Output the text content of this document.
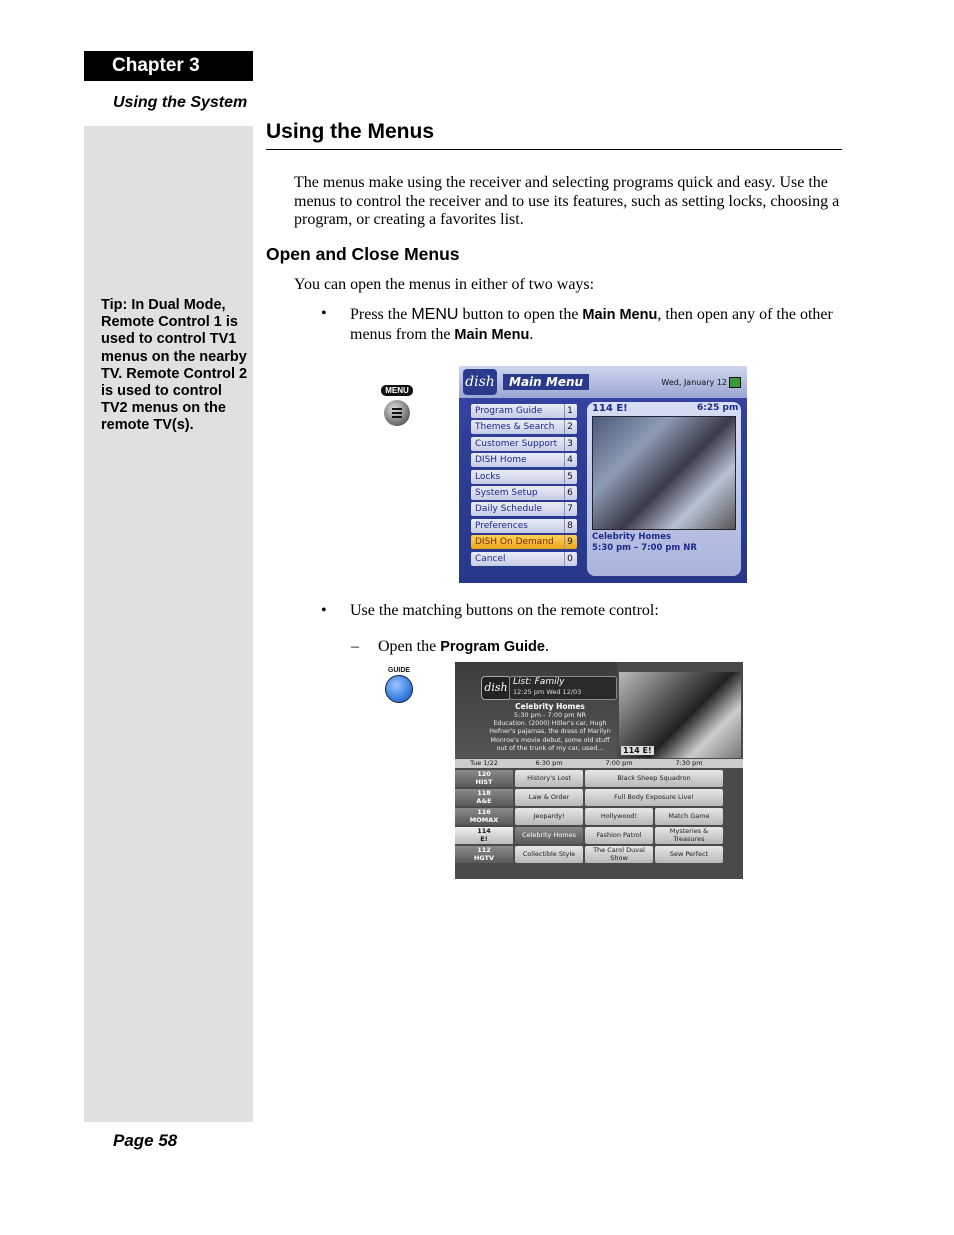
Chapter 3
Using the System
Tip: In Dual Mode, Remote Control 1 is used to control TV1 menus on the nearby TV. Remote Control 2 is used to control TV2 menus on the remote TV(s).
Using the Menus
The menus make using the receiver and selecting programs quick and easy. Use the menus to control the receiver and to use its features, such as setting locks, choosing a program, or creating a favorites list.
Open and Close Menus
You can open the menus in either of two ways:
• Press the MENU button to open the Main Menu, then open any of the other menus from the Main Menu.
MENU
dish	Main Menu	Wed, January 12
Program Guide	1
Themes & Search	2
Customer Support	3
DISH Home	4
Locks	5
System Setup	6
Daily Schedule	7
Preferences	8
DISH On Demand	9
Cancel	0
114 E!	6:25 pm
Celebrity Homes
5:30 pm – 7:00 pm NR
• Use the matching buttons on the remote control:
– Open the Program Guide.
GUIDE
dish List: Family
12:25 pm Wed 12/03
Celebrity Homes
5:30 pm - 7:00 pm NR
Education. (2000) Hitler's car, Hugh Hefner's pajamas, the dress of Marilyn Monroe's movie debut, some old stuff out of the trunk of my car, used...	114 E!
Tue 1/22	6:30 pm	7:00 pm	7:30 pm
120
HIST	History's Lost	Black Sheep Squadron
118
A&E	Law & Order	Full Body Exposure Live!
116
MOMAX	Jeopardy!	Hollywood!	Match Game
114
E!	Celebrity Homes	Fashion Patrol	Mysteries & Treasures
112
HGTV	Collectible Style	The Carol Duval Show	Sew Perfect
Page 58
